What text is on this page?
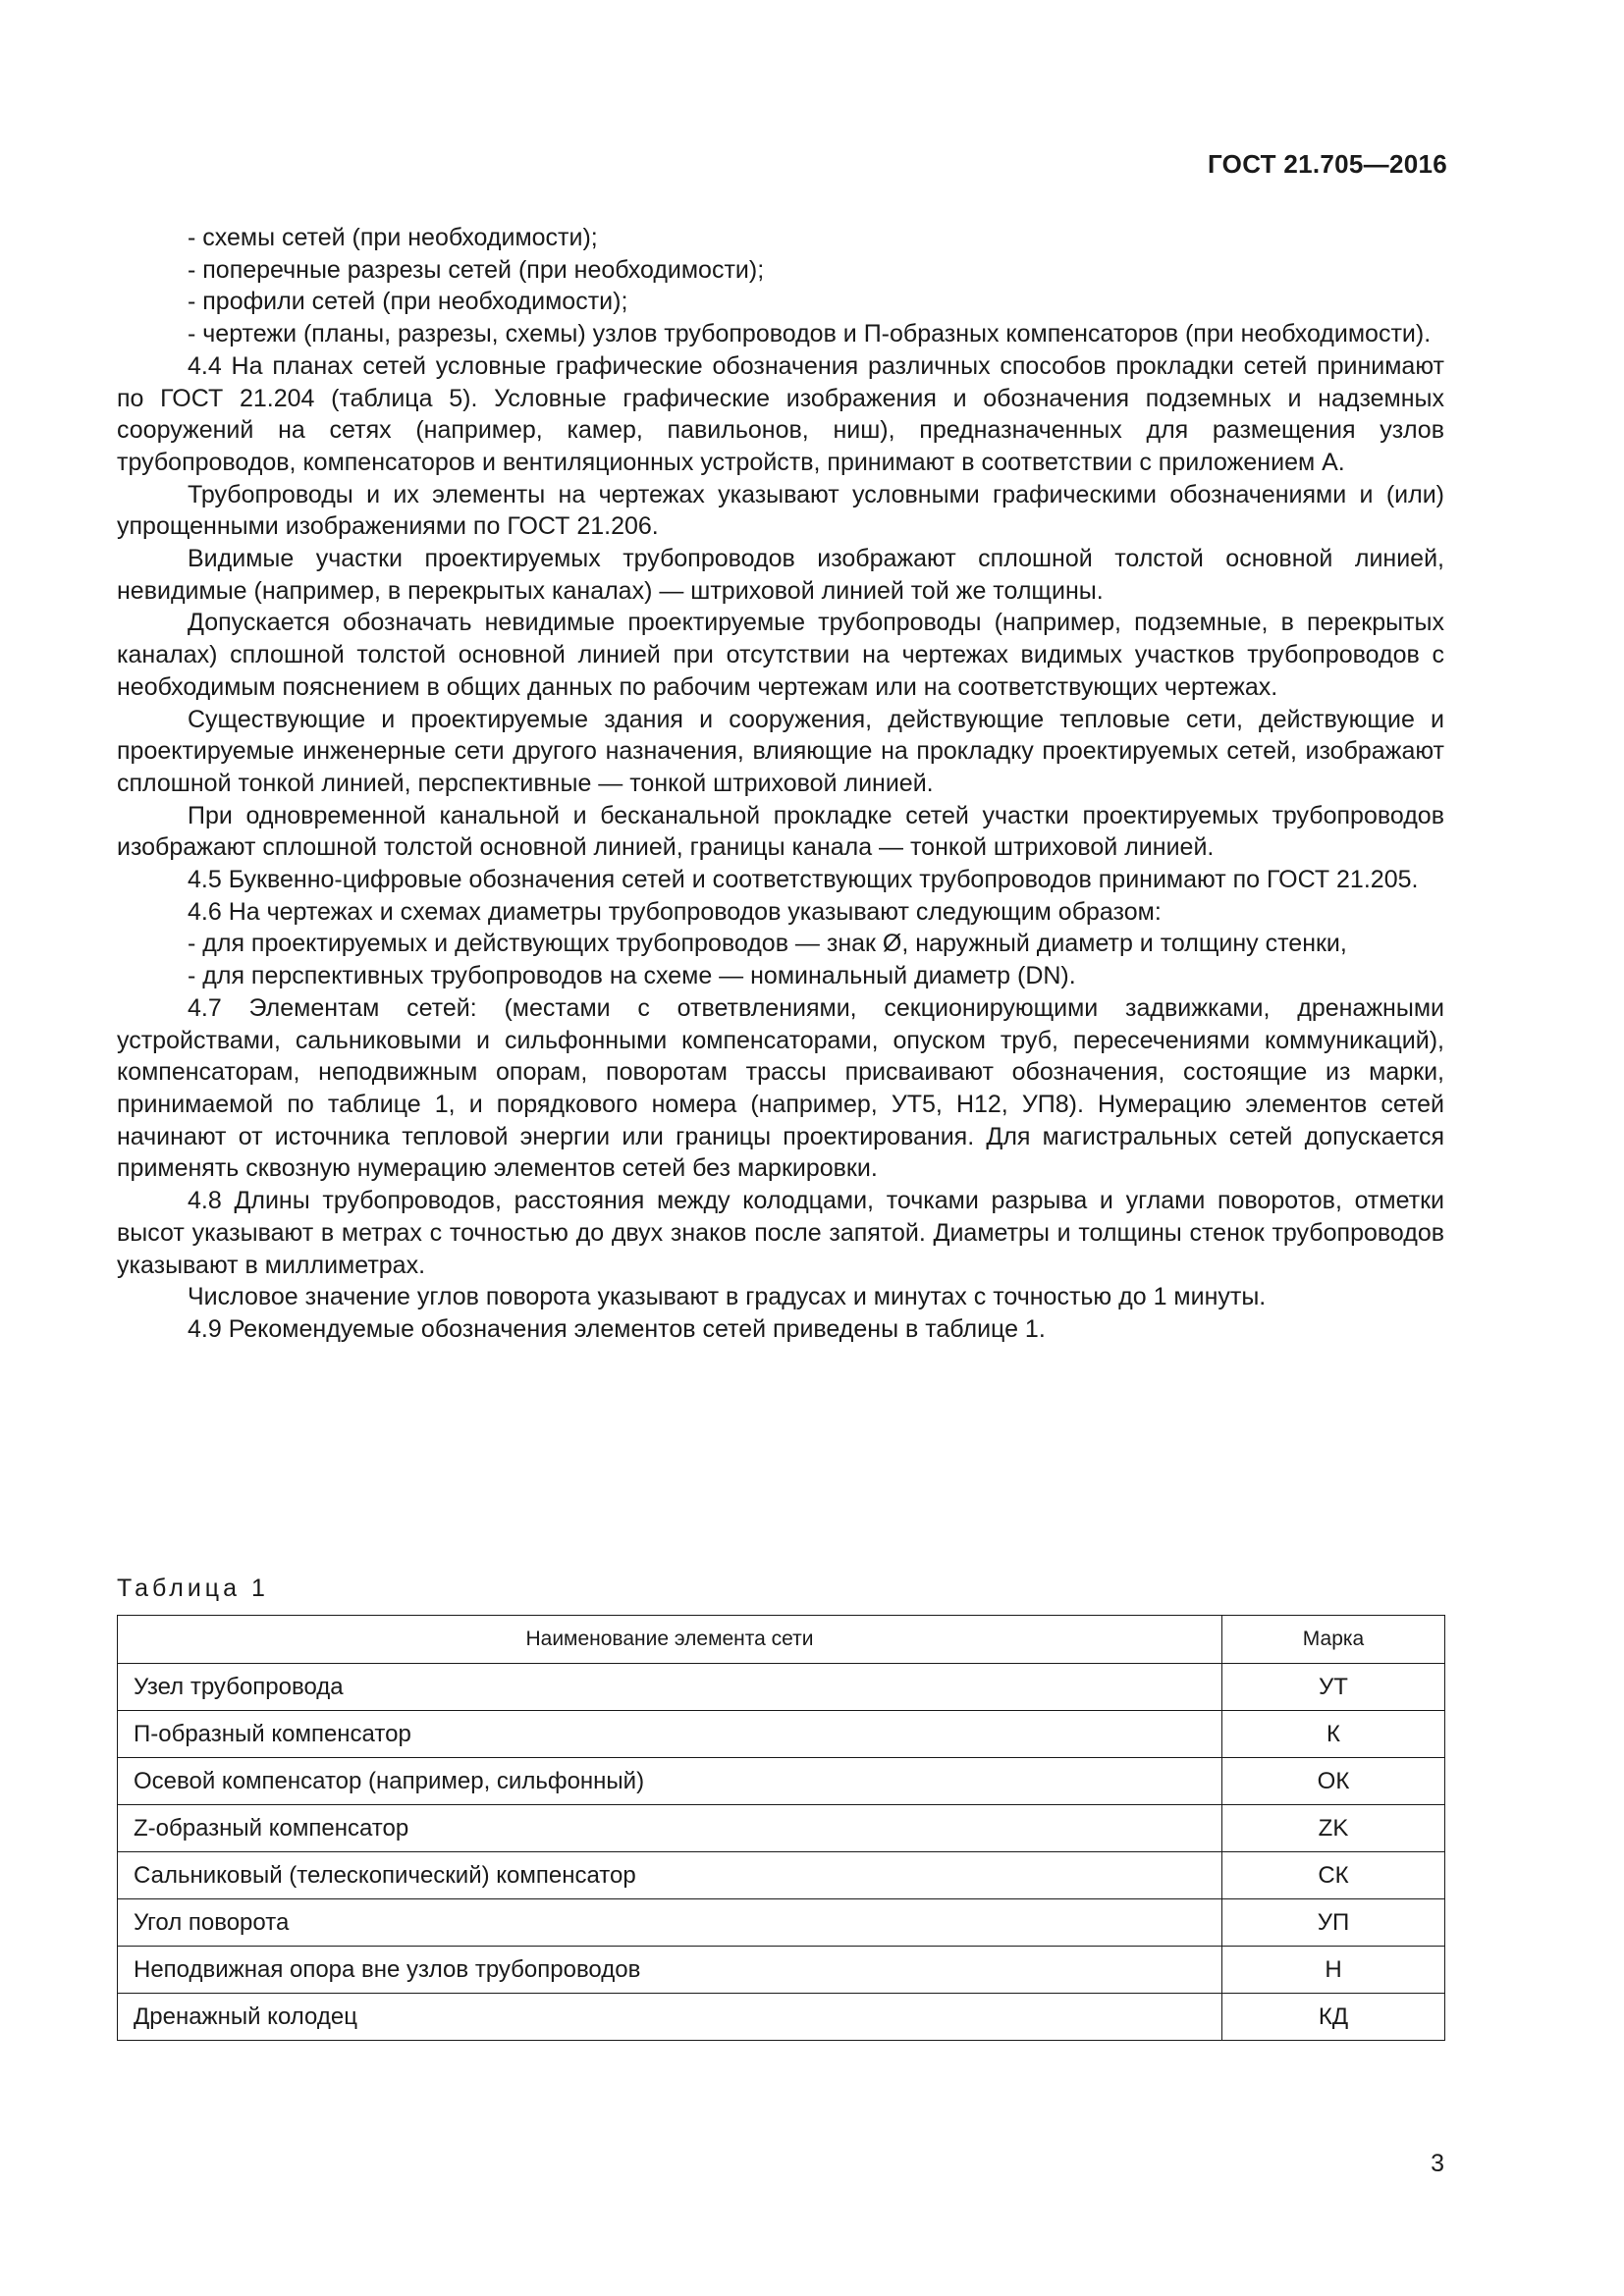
ГОСТ 21.705—2016

- схемы сетей (при необходимости);

- поперечные разрезы сетей (при необходимости);

- профили сетей (при необходимости);

- чертежи (планы, разрезы, схемы) узлов трубопроводов и П-образных компенсаторов (при необходимости).

4.4 На планах сетей условные графические обозначения различных способов прокладки сетей принимают по ГОСТ 21.204 (таблица 5). Условные графические изображения и обозначения подземных и надземных сооружений на сетях (например, камер, павильонов, ниш), предназначенных для размещения узлов трубопроводов, компенсаторов и вентиляционных устройств, принимают в соответствии с приложением А.

Трубопроводы и их элементы на чертежах указывают условными графическими обозначениями и (или) упрощенными изображениями по ГОСТ 21.206.

Видимые участки проектируемых трубопроводов изображают сплошной толстой основной линией, невидимые (например, в перекрытых каналах) — штриховой линией той же толщины.

Допускается обозначать невидимые проектируемые трубопроводы (например, подземные, в перекрытых каналах) сплошной толстой основной линией при отсутствии на чертежах видимых участков трубопроводов с необходимым пояснением в общих данных по рабочим чертежам или на соответствующих чертежах.

Существующие и проектируемые здания и сооружения, действующие тепловые сети, действующие и проектируемые инженерные сети другого назначения, влияющие на прокладку проектируемых сетей, изображают сплошной тонкой линией, перспективные — тонкой штриховой линией.

При одновременной канальной и бесканальной прокладке сетей участки проектируемых трубопроводов изображают сплошной толстой основной линией, границы канала — тонкой штриховой линией.

4.5 Буквенно-цифровые обозначения сетей и соответствующих трубопроводов принимают по ГОСТ 21.205.

4.6 На чертежах и схемах диаметры трубопроводов указывают следующим образом:

- для проектируемых и действующих трубопроводов — знак Ø, наружный диаметр и толщину стенки,

- для перспективных трубопроводов на схеме — номинальный диаметр (DN).

4.7 Элементам сетей: (местами с ответвлениями, секционирующими задвижками, дренажными устройствами, сальниковыми и сильфонными компенсаторами, опуском труб, пересечениями коммуникаций), компенсаторам, неподвижным опорам, поворотам трассы присваивают обозначения, состоящие из марки, принимаемой по таблице 1, и порядкового номера (например, УТ5, Н12, УП8). Нумерацию элементов сетей начинают от источника тепловой энергии или границы проектирования. Для магистральных сетей допускается применять сквозную нумерацию элементов сетей без маркировки.

4.8 Длины трубопроводов, расстояния между колодцами, точками разрыва и углами поворотов, отметки высот указывают в метрах с точностью до двух знаков после запятой. Диаметры и толщины стенок трубопроводов указывают в миллиметрах.

Числовое значение углов поворота указывают в градусах и минутах с точностью до 1 минуты.

4.9 Рекомендуемые обозначения элементов сетей приведены в таблице 1.

Таблица 1
Наименование элемента сети	Марка
Узел трубопровода	УТ
П-образный компенсатор	К
Осевой компенсатор (например, сильфонный)	ОК
Z-образный компенсатор	ZK
Сальниковый (телескопический) компенсатор	СК
Угол поворота	УП
Неподвижная опора вне узлов трубопроводов	Н
Дренажный колодец	КД
3
